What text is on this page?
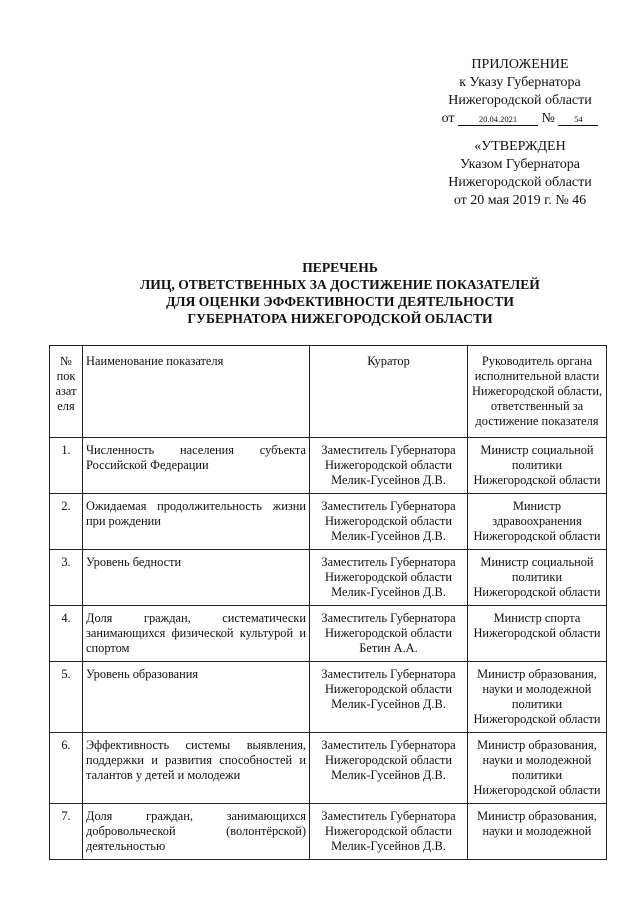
ПРИЛОЖЕНИЕ
к Указу Губернатора
Нижегородской области
от	20.04.2021 № 54
«УТВЕРЖДЕН
Указом Губернатора
Нижегородской области
от 20 мая 2019 г. № 46
ПЕРЕЧЕНЬ
ЛИЦ, ОТВЕТСТВЕННЫХ ЗА ДОСТИЖЕНИЕ ПОКАЗАТЕЛЕЙ
ДЛЯ ОЦЕНКИ ЭФФЕКТИВНОСТИ ДЕЯТЕЛЬНОСТИ
ГУБЕРНАТОРА НИЖЕГОРОДСКОЙ ОБЛАСТИ
№ пок азат еля	Наименование показателя	Куратор	Руководитель органа исполнительной власти Нижегородской области, ответственный за достижение показателя
1.	Численность населения субъекта Российской Федерации	Заместитель Губернатора Нижегородской области Мелик-Гусейнов Д.В.	Министр социальной политики Нижегородской области
2.	Ожидаемая продолжительность жизни при рождении	Заместитель Губернатора Нижегородской области Мелик-Гусейнов Д.В.	Министр здравоохранения Нижегородской области
3.	Уровень бедности	Заместитель Губернатора Нижегородской области Мелик-Гусейнов Д.В.	Министр социальной политики Нижегородской области
4.	Доля граждан, систематически занимающихся физической культурой и спортом	Заместитель Губернатора Нижегородской области Бетин А.А.	Министр спорта Нижегородской области
5.	Уровень образования	Заместитель Губернатора Нижегородской области Мелик-Гусейнов Д.В.	Министр образования, науки и молодежной политики Нижегородской области
6.	Эффективность системы выявления, поддержки и развития способностей и талантов у детей и молодежи	Заместитель Губернатора Нижегородской области Мелик-Гусейнов Д.В.	Министр образования, науки и молодежной политики Нижегородской области
7.	Доля граждан, занимающихся добровольческой (волонтёрской) деятельностью	Заместитель Губернатора Нижегородской области Мелик-Гусейнов Д.В.	Министр образования, науки и молодежной
